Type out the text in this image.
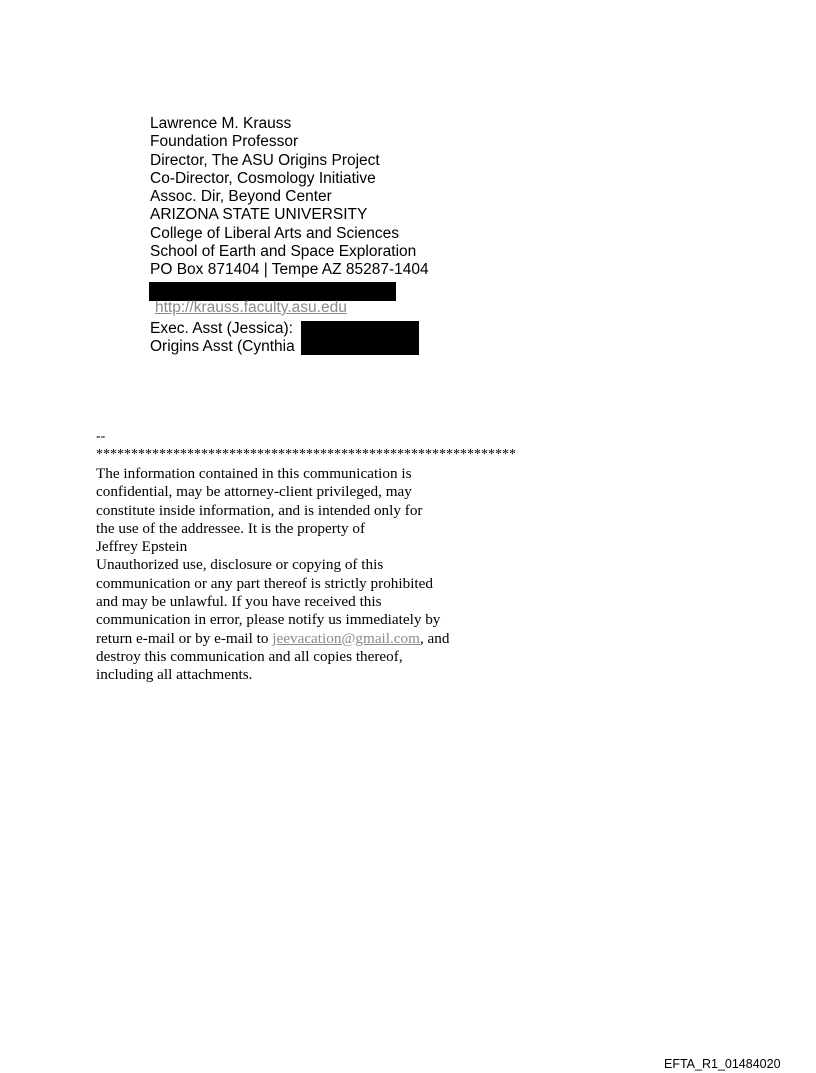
Lawrence M. Krauss
Foundation Professor
Director, The ASU Origins Project
Co-Director, Cosmology Initiative
Assoc. Dir, Beyond Center
ARIZONA STATE UNIVERSITY
College of Liberal Arts and Sciences
School of Earth and Space Exploration
PO Box 871404 | Tempe AZ 85287-1404
http://krauss.faculty.asu.edu
Exec. Asst (Jessica):
Origins Asst (Cynthia
--
************************************************************
The information contained in this communication is
confidential, may be attorney-client privileged, may
constitute inside information, and is intended only for
the use of the addressee. It is the property of
Jeffrey Epstein
Unauthorized use, disclosure or copying of this
communication or any part thereof is strictly prohibited
and may be unlawful. If you have received this
communication in error, please notify us immediately by
return e-mail or by e-mail to jeevacation@gmail.com, and
destroy this communication and all copies thereof,
including all attachments.
EFTA_R1_01484020
